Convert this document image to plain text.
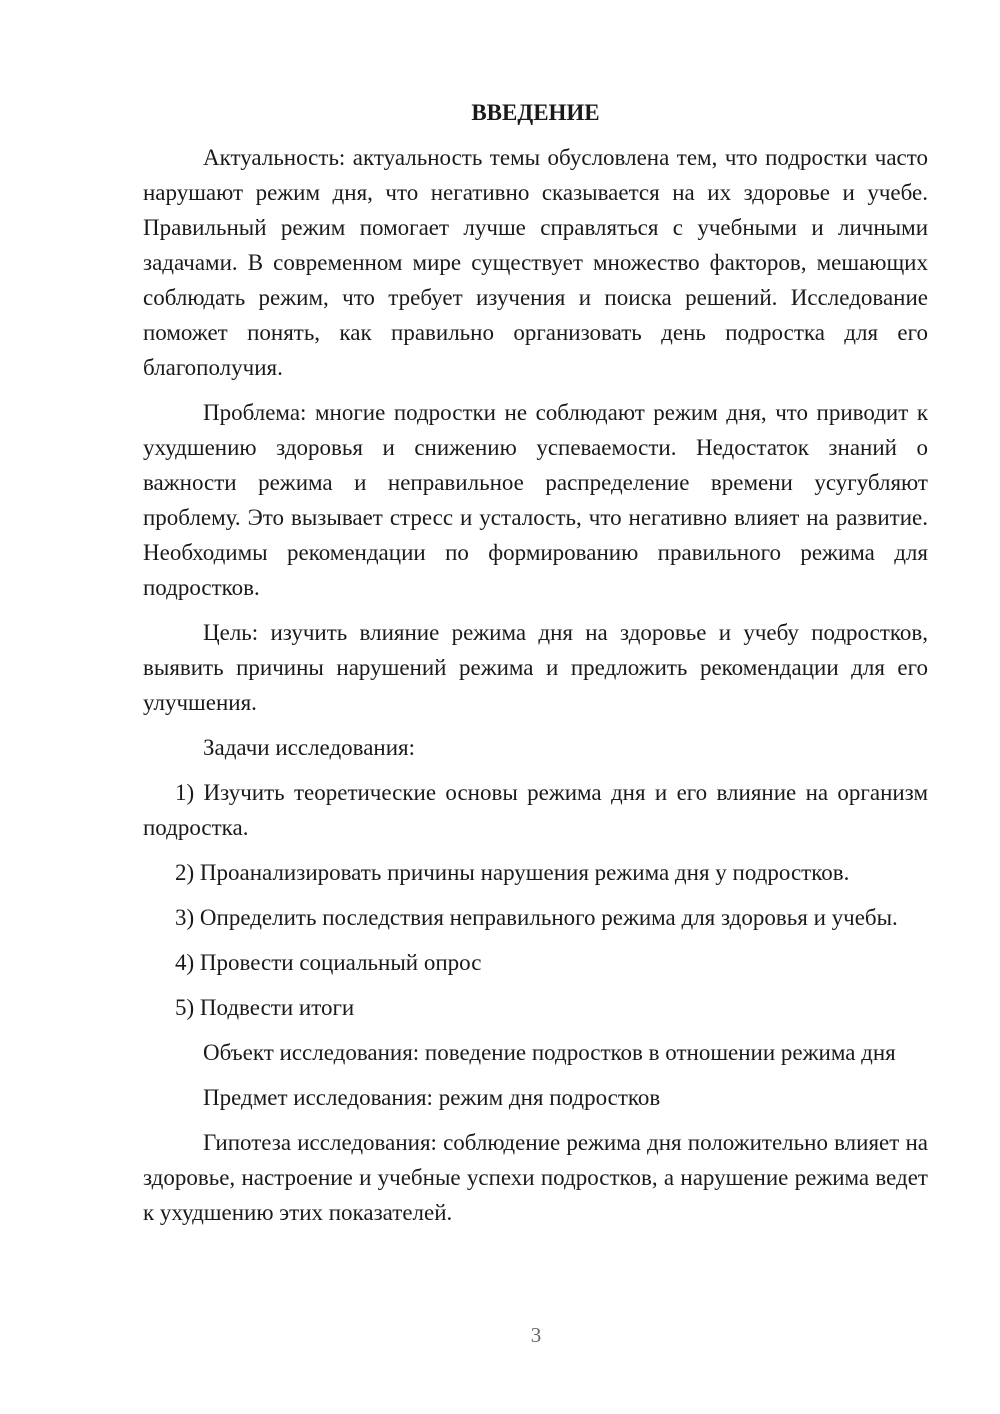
ВВЕДЕНИЕ

Актуальность: актуальность темы обусловлена тем, что подростки часто нарушают режим дня, что негативно сказывается на их здоровье и учебе. Правильный режим помогает лучше справляться с учебными и личными задачами. В современном мире существует множество факторов, мешающих соблюдать режим, что требует изучения и поиска решений. Исследование поможет понять, как правильно организовать день подростка для его благополучия.

Проблема: многие подростки не соблюдают режим дня, что приводит к ухудшению здоровья и снижению успеваемости. Недостаток знаний о важности режима и неправильное распределение времени усугубляют проблему. Это вызывает стресс и усталость, что негативно влияет на развитие. Необходимы рекомендации по формированию правильного режима для подростков.

Цель: изучить влияние режима дня на здоровье и учебу подростков, выявить причины нарушений режима и предложить рекомендации для его улучшения.

Задачи исследования:

1) Изучить теоретические основы режима дня и его влияние на организм подростка.

2) Проанализировать причины нарушения режима дня у подростков.

3) Определить последствия неправильного режима для здоровья и учебы.

4) Провести социальный опрос

5) Подвести итоги

Объект исследования: поведение подростков в отношении режима дня

Предмет исследования: режим дня подростков

Гипотеза исследования: соблюдение режима дня положительно влияет на здоровье, настроение и учебные успехи подростков, а нарушение режима ведет к ухудшению этих показателей.

3
